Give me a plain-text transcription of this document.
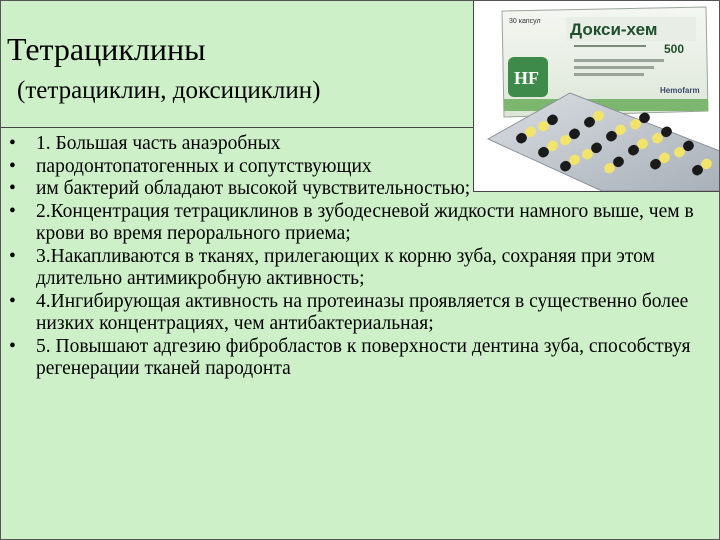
Тетрациклины
(тетрациклин, доксициклин)
30 капсул Докси-хем
500
HF
Hemofarm
• 1. Большая часть анаэробных
• пародонтопатогенных и сопутствующих
• им бактерий обладают высокой чувствительностью;
• 2.Концентрация тетрациклинов в зубодесневой жидкости намного выше, чем в крови во время перорального приема;
• 3.Накапливаются в тканях, прилегающих к корню зуба, сохраняя при этом длительно антимикробную активность;
• 4.Ингибирующая активность на протеиназы проявляется в существенно более низких концентрациях, чем антибактериальная;
• 5. Повышают адгезию фибробластов к поверхности дентина зуба, способствуя регенерации тканей пародонта
